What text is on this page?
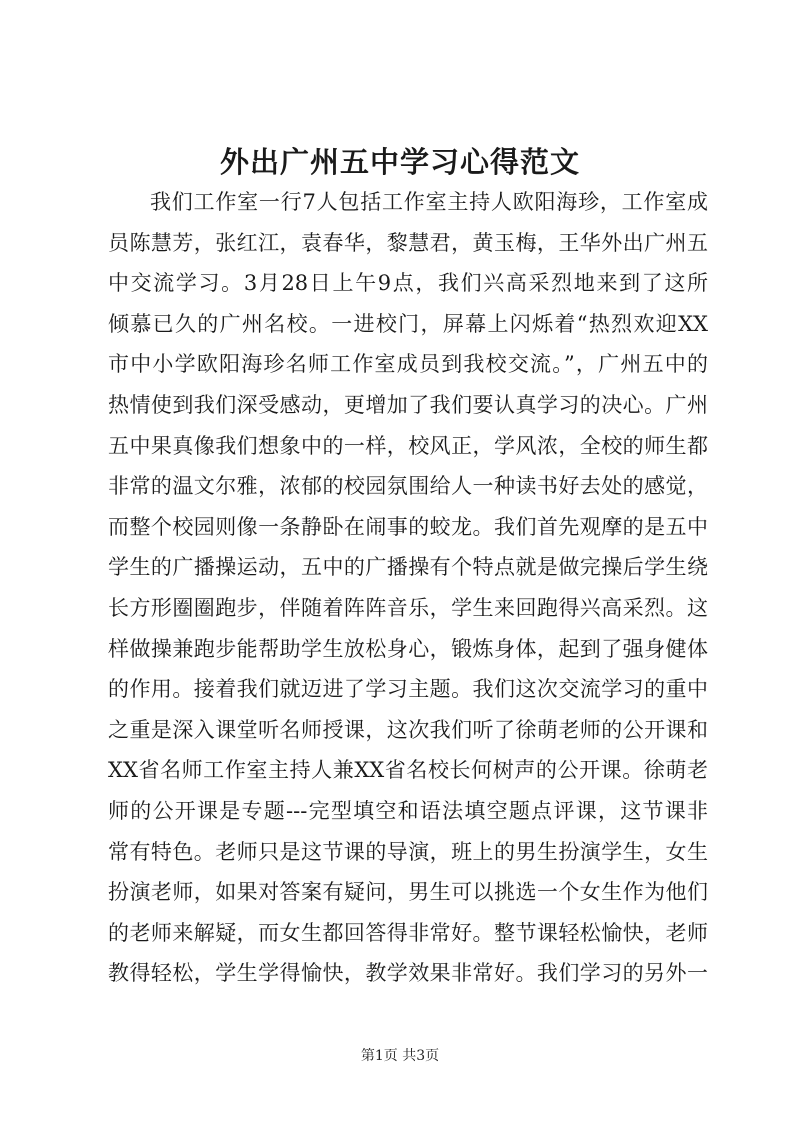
外出广州五中学习心得范文
我们工作室一行7人包括工作室主持人欧阳海珍，工作室成
员陈慧芳，张红江，袁春华，黎慧君，黄玉梅，王华外出广州五
中交流学习。3月28日上午9点，我们兴高采烈地来到了这所
倾慕已久的广州名校。一进校门，屏幕上闪烁着“热烈欢迎XX
市中小学欧阳海珍名师工作室成员到我校交流。”，广州五中的
热情使到我们深受感动，更增加了我们要认真学习的决心。广州
五中果真像我们想象中的一样，校风正，学风浓，全校的师生都
非常的温文尔雅，浓郁的校园氛围给人一种读书好去处的感觉，
而整个校园则像一条静卧在闹事的蛟龙。我们首先观摩的是五中
学生的广播操运动，五中的广播操有个特点就是做完操后学生绕
长方形圈圈跑步，伴随着阵阵音乐，学生来回跑得兴高采烈。这
样做操兼跑步能帮助学生放松身心，锻炼身体，起到了强身健体
的作用。接着我们就迈进了学习主题。我们这次交流学习的重中
之重是深入课堂听名师授课，这次我们听了徐萌老师的公开课和
XX省名师工作室主持人兼XX省名校长何树声的公开课。徐萌老
师的公开课是专题---完型填空和语法填空题点评课，这节课非
常有特色。老师只是这节课的导演，班上的男生扮演学生，女生
扮演老师，如果对答案有疑问，男生可以挑选一个女生作为他们
的老师来解疑，而女生都回答得非常好。整节课轻松愉快，老师
教得轻松，学生学得愉快，教学效果非常好。我们学习的另外一
第1页 共3页
